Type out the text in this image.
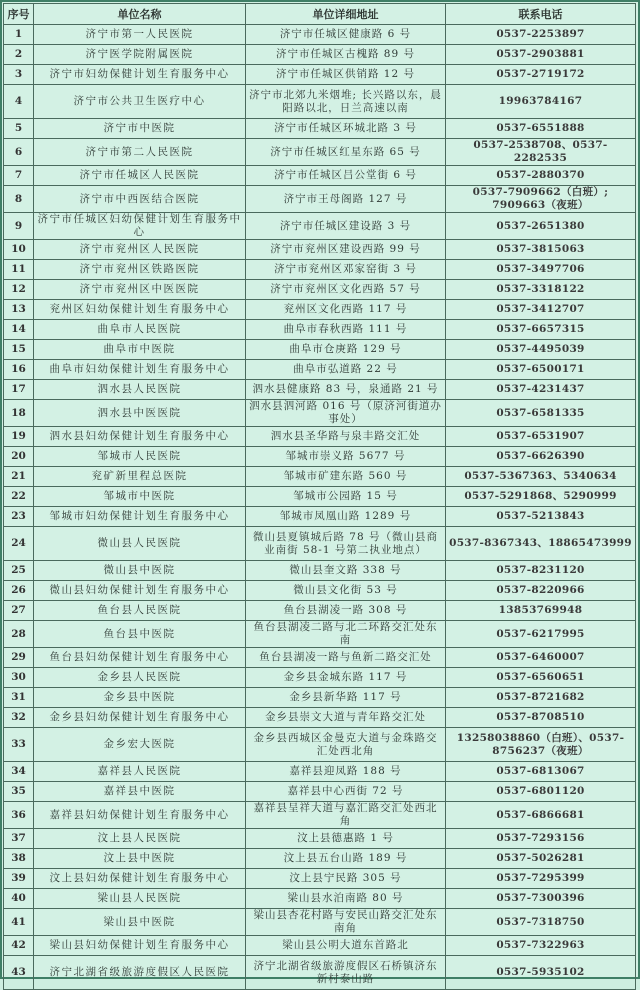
序号	单位名称	单位详细地址	联系电话
1	济宁市第一人民医院	济宁市任城区健康路 6 号	0537-2253897
2	济宁医学院附属医院	济宁市任城区古槐路 89 号	0537-2903881
3	济宁市妇幼保健计划生育服务中心	济宁市任城区供销路 12 号	0537-2719172
4	济宁市公共卫生医疗中心	济宁市北郊九米烟堆; 长兴路以东，晨阳路以北，日兰高速以南	19963784167
5	济宁市中医院	济宁市任城区环城北路 3 号	0537-6551888
6	济宁市第二人民医院	济宁市任城区红星东路 65 号	0537-2538708、0537-2282535
7	济宁市任城区人民医院	济宁市任城区吕公堂街 6 号	0537-2880370
8	济宁市中西医结合医院	济宁市王母阁路 127 号	0537-7909662（白班）; 7909663（夜班）
9	济宁市任城区妇幼保健计划生育服务中心	济宁市任城区建设路 3 号	0537-2651380
10	济宁市兖州区人民医院	济宁市兖州区建设西路 99 号	0537-3815063
11	济宁市兖州区铁路医院	济宁市兖州区邓家窑街 3 号	0537-3497706
12	济宁市兖州区中医医院	济宁市兖州区文化西路 57 号	0537-3318122
13	兖州区妇幼保健计划生育服务中心	兖州区文化西路 117 号	0537-3412707
14	曲阜市人民医院	曲阜市春秋西路 111 号	0537-6657315
15	曲阜市中医院	曲阜市仓庚路 129 号	0537-4495039
16	曲阜市妇幼保健计划生育服务中心	曲阜市弘道路 22 号	0537-6500171
17	泗水县人民医院	泗水县健康路 83 号，泉通路 21 号	0537-4231437
18	泗水县中医医院	泗水县泗河路 016 号（原济河街道办事处）	0537-6581335
19	泗水县妇幼保健计划生育服务中心	泗水县圣华路与泉丰路交汇处	0537-6531907
20	邹城市人民医院	邹城市崇义路 5677 号	0537-6626390
21	兖矿新里程总医院	邹城市矿建东路 560 号	0537-5367363、5340634
22	邹城市中医院	邹城市公园路 15 号	0537-5291868、5290999
23	邹城市妇幼保健计划生育服务中心	邹城市凤凰山路 1289 号	0537-5213843
24	微山县人民医院	微山县夏镇城后路 78 号（微山县商业南街 58-1 号第二执业地点）	0537-8367343、18865473999
25	微山县中医院	微山县奎文路 338 号	0537-8231120
26	微山县妇幼保健计划生育服务中心	微山县文化街 53 号	0537-8220966
27	鱼台县人民医院	鱼台县湖凌一路 308 号	13853769948
28	鱼台县中医院	鱼台县湖凌二路与北二环路交汇处东南	0537-6217995
29	鱼台县妇幼保健计划生育服务中心	鱼台县湖凌一路与鱼新二路交汇处	0537-6460007
30	金乡县人民医院	金乡县金城东路 117 号	0537-6560651
31	金乡县中医院	金乡县新华路 117 号	0537-8721682
32	金乡县妇幼保健计划生育服务中心	金乡县崇文大道与青年路交汇处	0537-8708510
33	金乡宏大医院	金乡县西城区金曼克大道与金珠路交汇处西北角	13258038860（白班）、0537-8756237（夜班）
34	嘉祥县人民医院	嘉祥县迎凤路 188 号	0537-6813067
35	嘉祥县中医院	嘉祥县中心西街 72 号	0537-6801120
36	嘉祥县妇幼保健计划生育服务中心	嘉祥县呈祥大道与嘉汇路交汇处西北角	0537-6866681
37	汶上县人民医院	汶上县德惠路 1 号	0537-7293156
38	汶上县中医院	汶上县五台山路 189 号	0537-5026281
39	汶上县妇幼保健计划生育服务中心	汶上县宁民路 305 号	0537-7295399
40	梁山县人民医院	梁山县水泊南路 80 号	0537-7300396
41	梁山县中医院	梁山县杏花村路与安民山路交汇处东南角	0537-7318750
42	梁山县妇幼保健计划生育服务中心	梁山县公明大道东首路北	0537-7322963
43	济宁北湖省级旅游度假区人民医院	济宁北湖省级旅游度假区石桥镇济东新村泰山路	0537-5935102
